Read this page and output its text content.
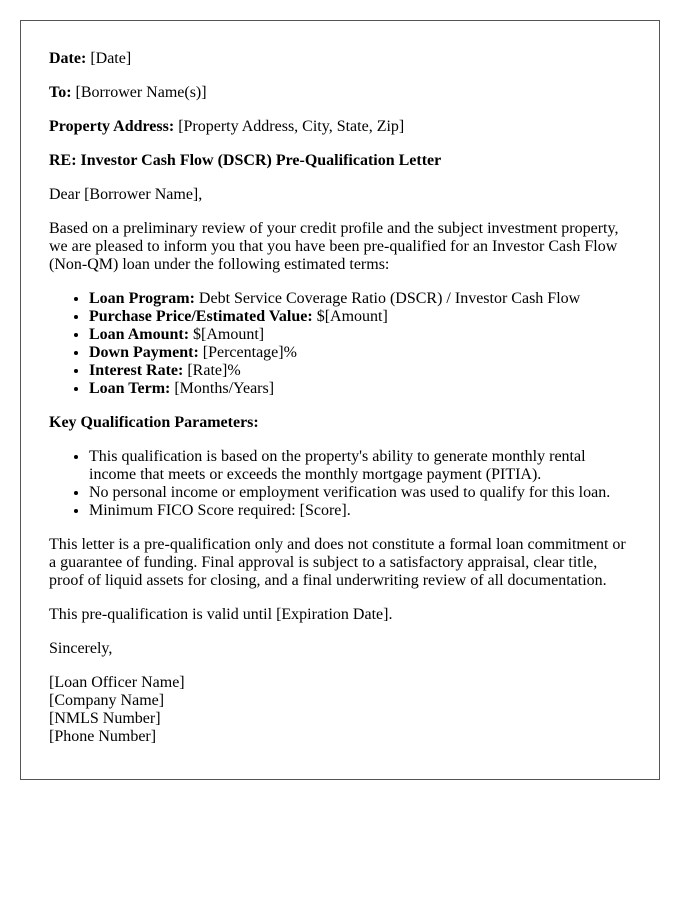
Date: [Date]

To: [Borrower Name(s)]

Property Address: [Property Address, City, State, Zip]

RE: Investor Cash Flow (DSCR) Pre-Qualification Letter

Dear [Borrower Name],

Based on a preliminary review of your credit profile and the subject investment property, we are pleased to inform you that you have been pre-qualified for an Investor Cash Flow (Non-QM) loan under the following estimated terms:

• Loan Program: Debt Service Coverage Ratio (DSCR) / Investor Cash Flow
• Purchase Price/Estimated Value: $[Amount]
• Loan Amount: $[Amount]
• Down Payment: [Percentage]%
• Interest Rate: [Rate]%
• Loan Term: [Months/Years]

Key Qualification Parameters:

• This qualification is based on the property's ability to generate monthly rental income that meets or exceeds the monthly mortgage payment (PITIA).
• No personal income or employment verification was used to qualify for this loan.
• Minimum FICO Score required: [Score].

This letter is a pre-qualification only and does not constitute a formal loan commitment or a guarantee of funding. Final approval is subject to a satisfactory appraisal, clear title, proof of liquid assets for closing, and a final underwriting review of all documentation.

This pre-qualification is valid until [Expiration Date].

Sincerely,

[Loan Officer Name]
[Company Name]
[NMLS Number]
[Phone Number]
